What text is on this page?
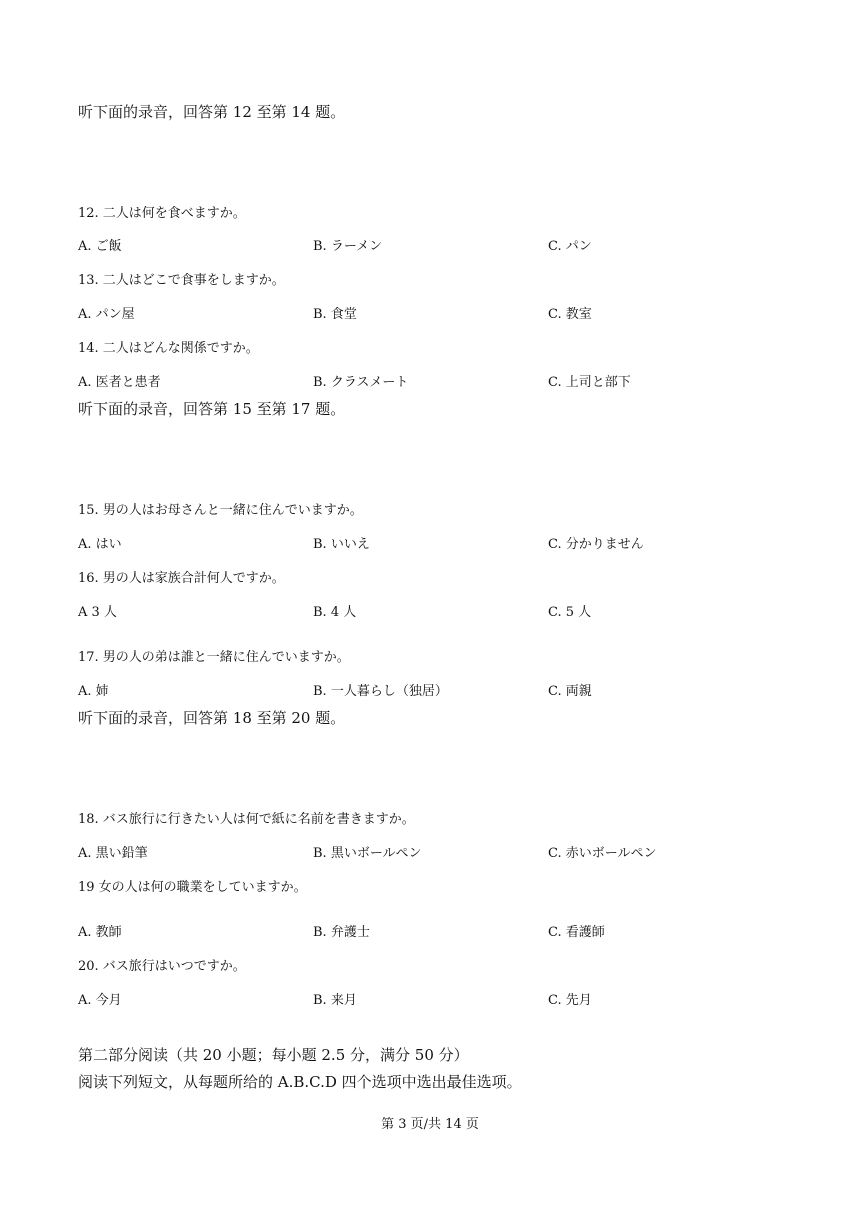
听下面的录音，回答第 12 至第 14 题。
12. 二人は何を食べますか。
A. ご飯	B. ラーメン	C. パン
13. 二人はどこで食事をしますか。
A. パン屋	B. 食堂	C. 教室
14. 二人はどんな関係ですか。
A. 医者と患者	B. クラスメート	C. 上司と部下
听下面的录音，回答第 15 至第 17 题。
15. 男の人はお母さんと一緒に住んでいますか。
A. はい	B. いいえ	C. 分かりません
16. 男の人は家族合計何人ですか。
A 3 人	B. 4 人	C. 5 人
17. 男の人の弟は誰と一緒に住んでいますか。
A. 姉	B. 一人暮らし（独居）	C. 両親
听下面的录音，回答第 18 至第 20 题。
18. バス旅行に行きたい人は何で紙に名前を書きますか。
A. 黒い鉛筆	B. 黒いボールペン	C. 赤いボールペン
19 女の人は何の職業をしていますか。
A. 教師	B. 弁護士	C. 看護師
20. バス旅行はいつですか。
A. 今月	B. 来月	C. 先月
第二部分阅读（共 20 小题；每小题 2.5 分，满分 50 分）
阅读下列短文，从每题所给的 A.B.C.D 四个选项中选出最佳选项。
第 3 页/共 14 页
